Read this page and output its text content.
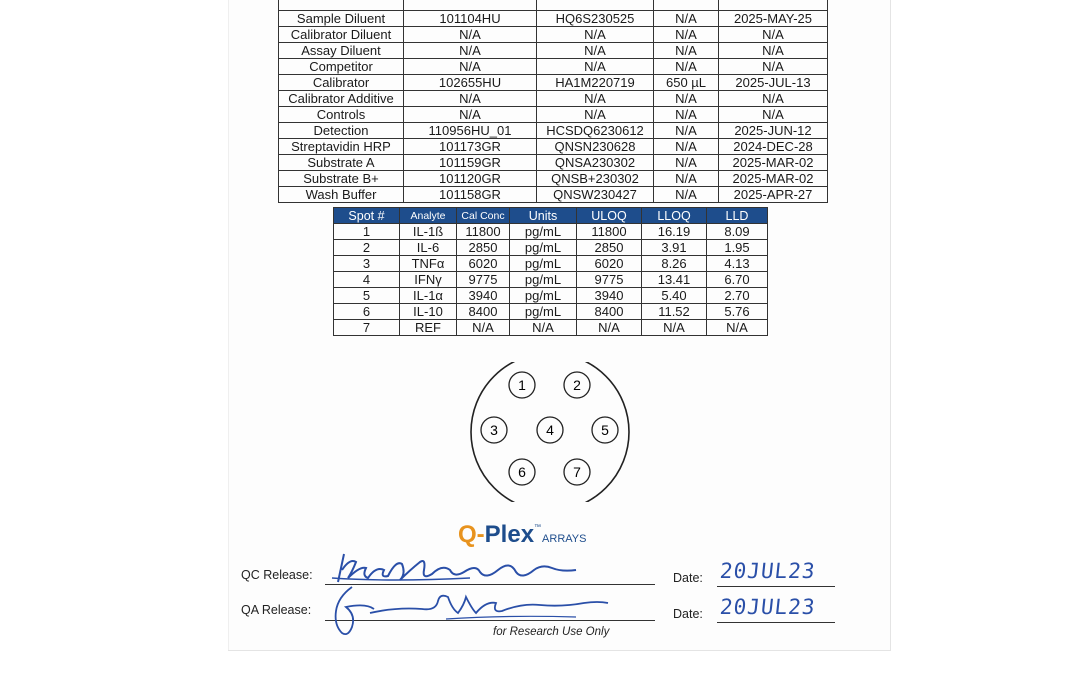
Sample Diluent	101104HU	HQ6S230525	N/A	2025-MAY-25
Calibrator Diluent	N/A	N/A	N/A	N/A
Assay Diluent	N/A	N/A	N/A	N/A
Competitor	N/A	N/A	N/A	N/A
Calibrator	102655HU	HA1M220719	650 µL	2025-JUL-13
Calibrator Additive	N/A	N/A	N/A	N/A
Controls	N/A	N/A	N/A	N/A
Detection	110956HU_01	HCSDQ6230612	N/A	2025-JUN-12
Streptavidin HRP	101173GR	QNSN230628	N/A	2024-DEC-28
Substrate A	101159GR	QNSA230302	N/A	2025-MAR-02
Substrate B+	101120GR	QNSB+230302	N/A	2025-MAR-02
Wash Buffer	101158GR	QNSW230427	N/A	2025-APR-27
Spot #	Analyte	Cal Conc	Units	ULOQ	LLOQ	LLD
1	IL-1ß	11800	pg/mL	11800	16.19	8.09
2	IL-6	2850	pg/mL	2850	3.91	1.95
3	TNFα	6020	pg/mL	6020	8.26	4.13
4	IFNγ	9775	pg/mL	9775	13.41	6.70
5	IL-1α	3940	pg/mL	3940	5.40	2.70
6	IL-10	8400	pg/mL	8400	11.52	5.76
7	REF	N/A	N/A	N/A	N/A	N/A
1	2
3	4	5
6	7
Q-Plex™ARRAYS
QC Release:	Date: 20JUL23
QA Release:	Date: 20JUL23
for Research Use Only
